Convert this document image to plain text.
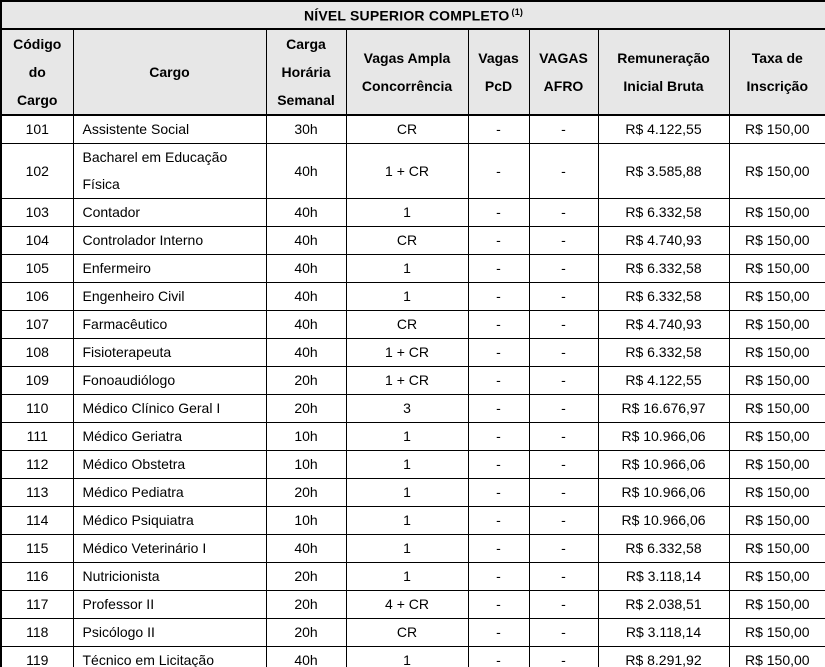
NÍVEL SUPERIOR COMPLETO $^{(1)}$
Código do Cargo	Cargo	Carga Horária Semanal	Vagas Ampla Concorrência	Vagas PcD	VAGAS AFRO	Remuneração Inicial Bruta	Taxa de Inscrição
101	Assistente Social	30h	CR	-	-	R$ 4.122,55	R$ 150,00
102	Bacharel em Educação Física	40h	1 + CR	-	-	R$ 3.585,88	R$ 150,00
103	Contador	40h	1	-	-	R$ 6.332,58	R$ 150,00
104	Controlador Interno	40h	CR	-	-	R$ 4.740,93	R$ 150,00
105	Enfermeiro	40h	1	-	-	R$ 6.332,58	R$ 150,00
106	Engenheiro Civil	40h	1	-	-	R$ 6.332,58	R$ 150,00
107	Farmacêutico	40h	CR	-	-	R$ 4.740,93	R$ 150,00
108	Fisioterapeuta	40h	1 + CR	-	-	R$ 6.332,58	R$ 150,00
109	Fonoaudiólogo	20h	1 + CR	-	-	R$ 4.122,55	R$ 150,00
110	Médico Clínico Geral I	20h	3	-	-	R$ 16.676,97	R$ 150,00
111	Médico Geriatra	10h	1	-	-	R$ 10.966,06	R$ 150,00
112	Médico Obstetra	10h	1	-	-	R$ 10.966,06	R$ 150,00
113	Médico Pediatra	20h	1	-	-	R$ 10.966,06	R$ 150,00
114	Médico Psiquiatra	10h	1	-	-	R$ 10.966,06	R$ 150,00
115	Médico Veterinário I	40h	1	-	-	R$ 6.332,58	R$ 150,00
116	Nutricionista	20h	1	-	-	R$ 3.118,14	R$ 150,00
117	Professor II	20h	4 + CR	-	-	R$ 2.038,51	R$ 150,00
118	Psicólogo II	20h	CR	-	-	R$ 3.118,14	R$ 150,00
119	Técnico em Licitação	40h	1	-	-	R$ 8.291,92	R$ 150,00
